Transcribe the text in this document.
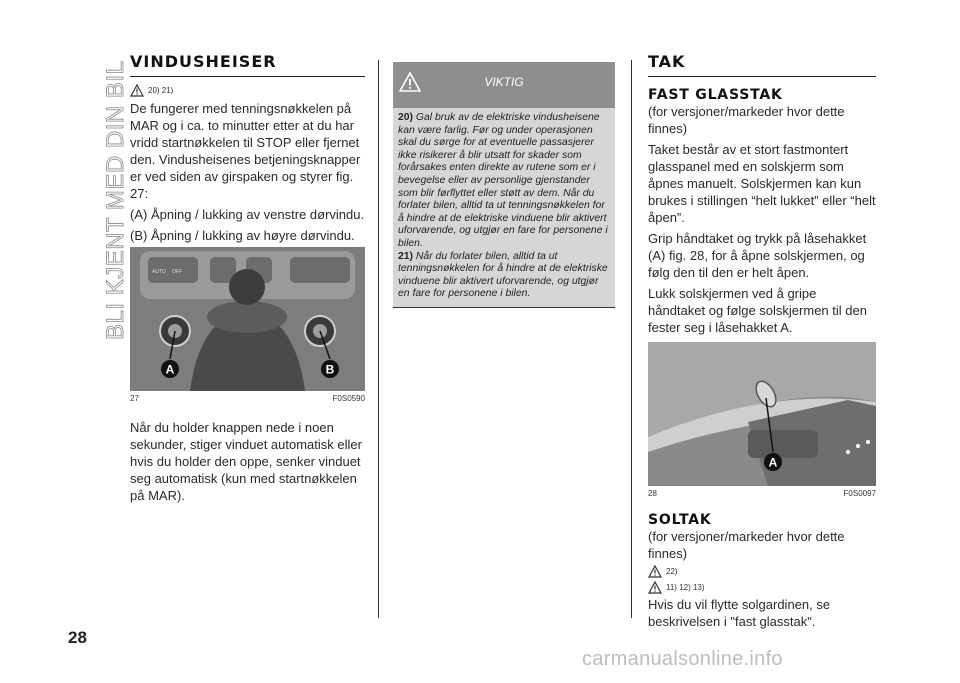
BLI KJENT MED DIN BIL VINDUSHEISER
20) 21)

De fungerer med tenningsnøkkelen på MAR og i ca. to minutter etter at du har vridd startnøkkelen til STOP eller fjernet den. Vindusheisenes betjeningsknapper er ved siden av girspaken og styrer fig. 27:

(A) Åpning / lukking av venstre dørvindu.

(B) Åpning / lukking av høyre dørvindu.

AUTO OFF
A	B
27	F0S0590

Når du holder knappen nede i noen sekunder, stiger vinduet automatisk eller hvis du holder den oppe, senker vinduet seg automatisk (kun med startnøkkelen på MAR).

VIKTIG

20) Gal bruk av de elektriske vindusheisene kan være farlig. Før og under operasjonen skal du sørge for at eventuelle passasjerer ikke risikerer å blir utsatt for skader som forårsakes enten direkte av rutene som er i bevegelse eller av personlige gjenstander som blir førflyttet eller støtt av dem. Når du forlater bilen, alltid ta ut tenningsnøkkelen for å hindre at de elektriske vinduene blir aktivert uforvarende, og utgjør en fare for personene i bilen.

21) Når du forlater bilen, alltid ta ut tenningsnøkkelen for å hindre at de elektriske vinduene blir aktivert uforvarende, og utgjør en fare for personene i bilen.

TAK
FAST GLASSTAK

(for versjoner/markeder hvor dette finnes)

Taket består av et stort fastmontert glasspanel med en solskjerm som åpnes manuelt. Solskjermen kan kun brukes i stillingen “helt lukket” eller “helt åpen”.

Grip håndtaket og trykk på låsehakket (A) fig. 28, for å åpne solskjermen, og følg den til den er helt åpen.

Lukk solskjermen ved å gripe håndtaket og følge solskjermen til den fester seg i låsehakket A.

A
28	F0S0097
SOLTAK

(for versjoner/markeder hvor dette finnes)

22)
11) 12) 13)

Hvis du vil flytte solgardinen, se beskrivelsen i "fast glasstak".

28
carmanualsonline.info
